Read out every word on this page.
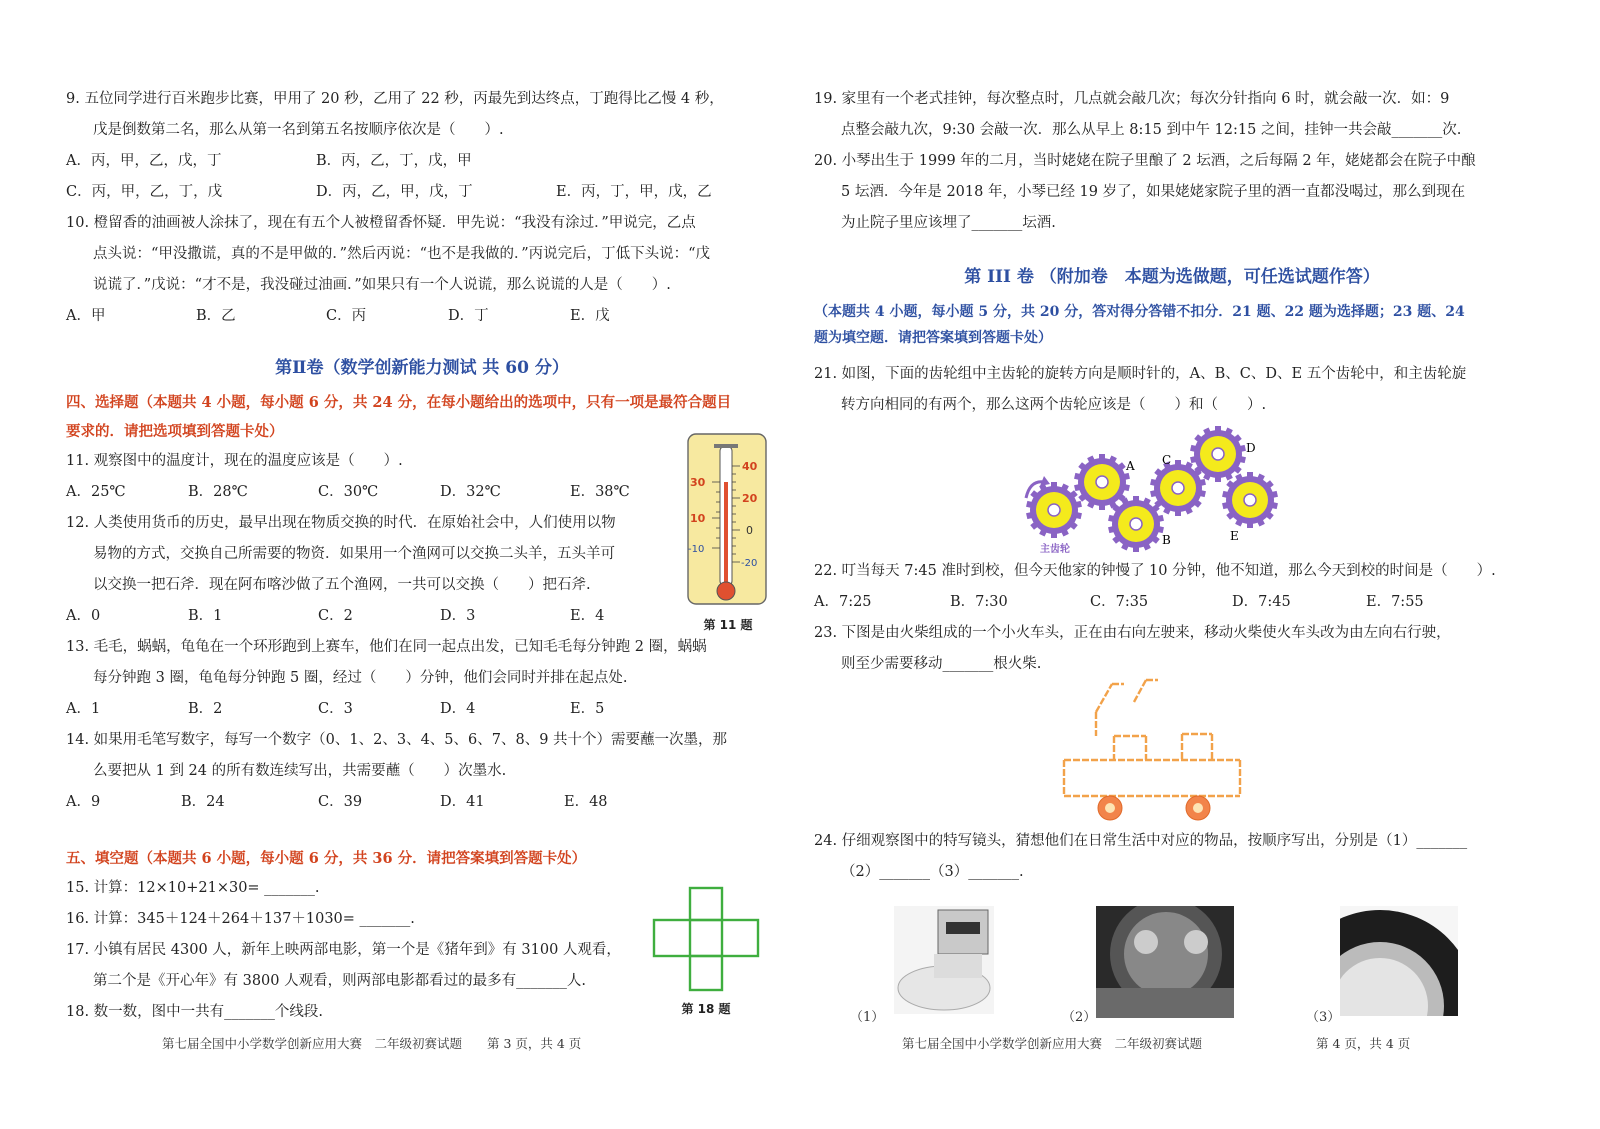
9. 五位同学进行百米跑步比赛，甲用了 20 秒，乙用了 22 秒，丙最先到达终点，丁跑得比乙慢 4 秒，
戊是倒数第二名，那么从第一名到第五名按顺序依次是（　　）.
A．丙，甲，乙，戊，丁	B．丙，乙，丁，戊，甲
C．丙，甲，乙，丁，戊	D．丙，乙，甲，戊，丁	E．丙，丁，甲，戊，乙
10. 橙留香的油画被人涂抹了，现在有五个人被橙留香怀疑．甲先说：“我没有涂过．”甲说完，乙点
点头说：“甲没撒谎，真的不是甲做的．”然后丙说：“也不是我做的．”丙说完后，丁低下头说：“戊
说谎了．”戊说：“才不是，我没碰过油画．”如果只有一个人说谎，那么说谎的人是（　　）.
A．甲	B．乙	C．丙	D．丁	E．戊
第Ⅱ卷（数学创新能力测试 共 60 分）
四、选择题（本题共 4 小题，每小题 6 分，共 24 分，在每小题给出的选项中，只有一项是最符合题目
要求的．请把选项填到答题卡处）
11. 观察图中的温度计，现在的温度应该是（　　）.
A．25℃	B．28℃	C．30℃	D．32℃	E．38℃
12. 人类使用货币的历史，最早出现在物质交换的时代．在原始社会中，人们使用以物
易物的方式，交换自己所需要的物资．如果用一个渔网可以交换二头羊，五头羊可
以交换一把石斧．现在阿布喀沙做了五个渔网，一共可以交换（　　）把石斧.
A．0	B．1	C．2	D．3	E．4
13. 毛毛，蜗蜗，龟龟在一个环形跑到上赛车，他们在同一起点出发，已知毛毛每分钟跑 2 圈，蜗蜗
每分钟跑 3 圈，龟龟每分钟跑 5 圈，经过（　　）分钟，他们会同时并排在起点处.
A．1	B．2	C．3	D．4	E．5
14. 如果用毛笔写数字，每写一个数字（0、1、2、3、4、5、6、7、8、9 共十个）需要蘸一次墨，那
么要把从 1 到 24 的所有数连续写出，共需要蘸（　　）次墨水.
A．9	B．24	C．39	D．41	E．48
五、填空题（本题共 6 小题，每小题 6 分，共 36 分．请把答案填到答题卡处）
15. 计算：12×10+21×30= _______.
16. 计算：345＋124＋264＋137＋1030= _______.
17. 小镇有居民 4300 人，新年上映两部电影，第一个是《猪年到》有 3100 人观看，
第二个是《开心年》有 3800 人观看，则两部电影都看过的最多有_______人.
18. 数一数，图中一共有_______个线段.
40
20
0
-20
30
10
-10
第 11 题
第 18 题
第七届全国中小学数学创新应用大赛　二年级初赛试题　　第 3 页，共 4 页
19. 家里有一个老式挂钟，每次整点时，几点就会敲几次；每次分针指向 6 时，就会敲一次．如：9
点整会敲九次，9:30 会敲一次．那么从早上 8:15 到中午 12:15 之间，挂钟一共会敲_______次.
20. 小琴出生于 1999 年的二月，当时姥姥在院子里酿了 2 坛酒，之后每隔 2 年，姥姥都会在院子中酿
5 坛酒．今年是 2018 年，小琴已经 19 岁了，如果姥姥家院子里的酒一直都没喝过，那么到现在
为止院子里应该埋了_______坛酒.
第 III 卷 （附加卷　本题为选做题，可任选试题作答）
（本题共 4 小题，每小题 5 分，共 20 分，答对得分答错不扣分．21 题、22 题为选择题；23 题、24
题为填空题．请把答案填到答题卡处）
21. 如图，下面的齿轮组中主齿轮的旋转方向是顺时针的，A、B、C、D、E 五个齿轮中，和主齿轮旋
转方向相同的有两个，那么这两个齿轮应该是（　　）和（　　）.
A
B
C
D
E
主齿轮
22. 叮当每天 7:45 准时到校，但今天他家的钟慢了 10 分钟，他不知道，那么今天到校的时间是（　　）.
A．7:25	B．7:30	C．7:35	D．7:45	E．7:55
23. 下图是由火柴组成的一个小火车头，正在由右向左驶来，移动火柴使火车头改为由左向右行驶，
则至少需要移动_______根火柴.
24. 仔细观察图中的特写镜头，猜想他们在日常生活中对应的物品，按顺序写出，分别是（1）_______
（2）_______（3）_______.
（1）	（2）	（3）
第七届全国中小学数学创新应用大赛　二年级初赛试题	第 4 页，共 4 页
